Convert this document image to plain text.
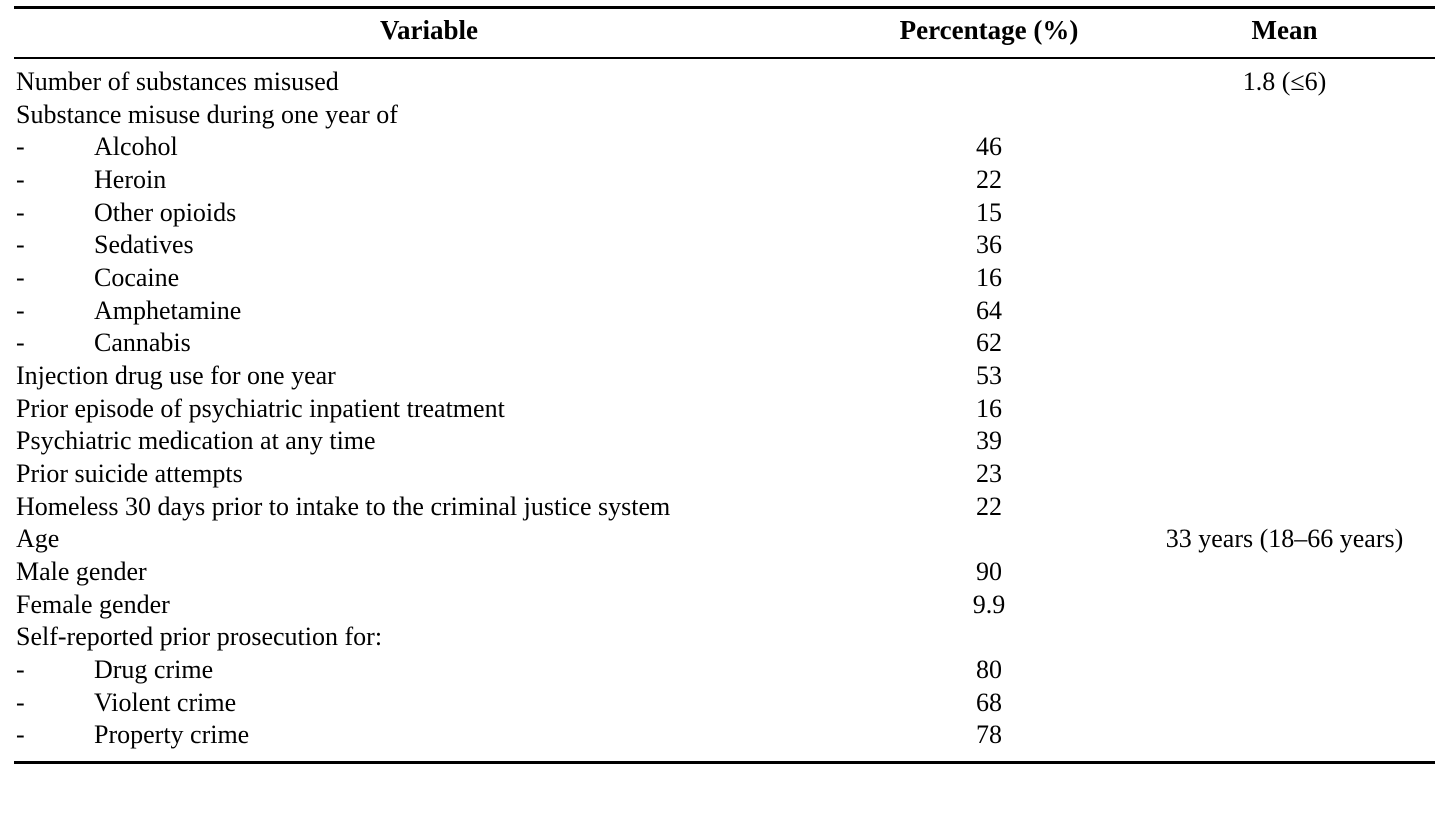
Variable	Percentage (%)	Mean
Number of substances misused		1.8 (≤6)
Substance misuse during one year of		
- Alcohol	46	
- Heroin	22	
- Other opioids	15	
- Sedatives	36	
- Cocaine	16	
- Amphetamine	64	
- Cannabis	62	
Injection drug use for one year	53	
Prior episode of psychiatric inpatient treatment	16	
Psychiatric medication at any time	39	
Prior suicide attempts	23	
Homeless 30 days prior to intake to the criminal justice system	22	
Age		33 years (18–66 years)
Male gender	90	
Female gender	9.9	
Self-reported prior prosecution for:		
- Drug crime	80	
- Violent crime	68	
- Property crime	78	
